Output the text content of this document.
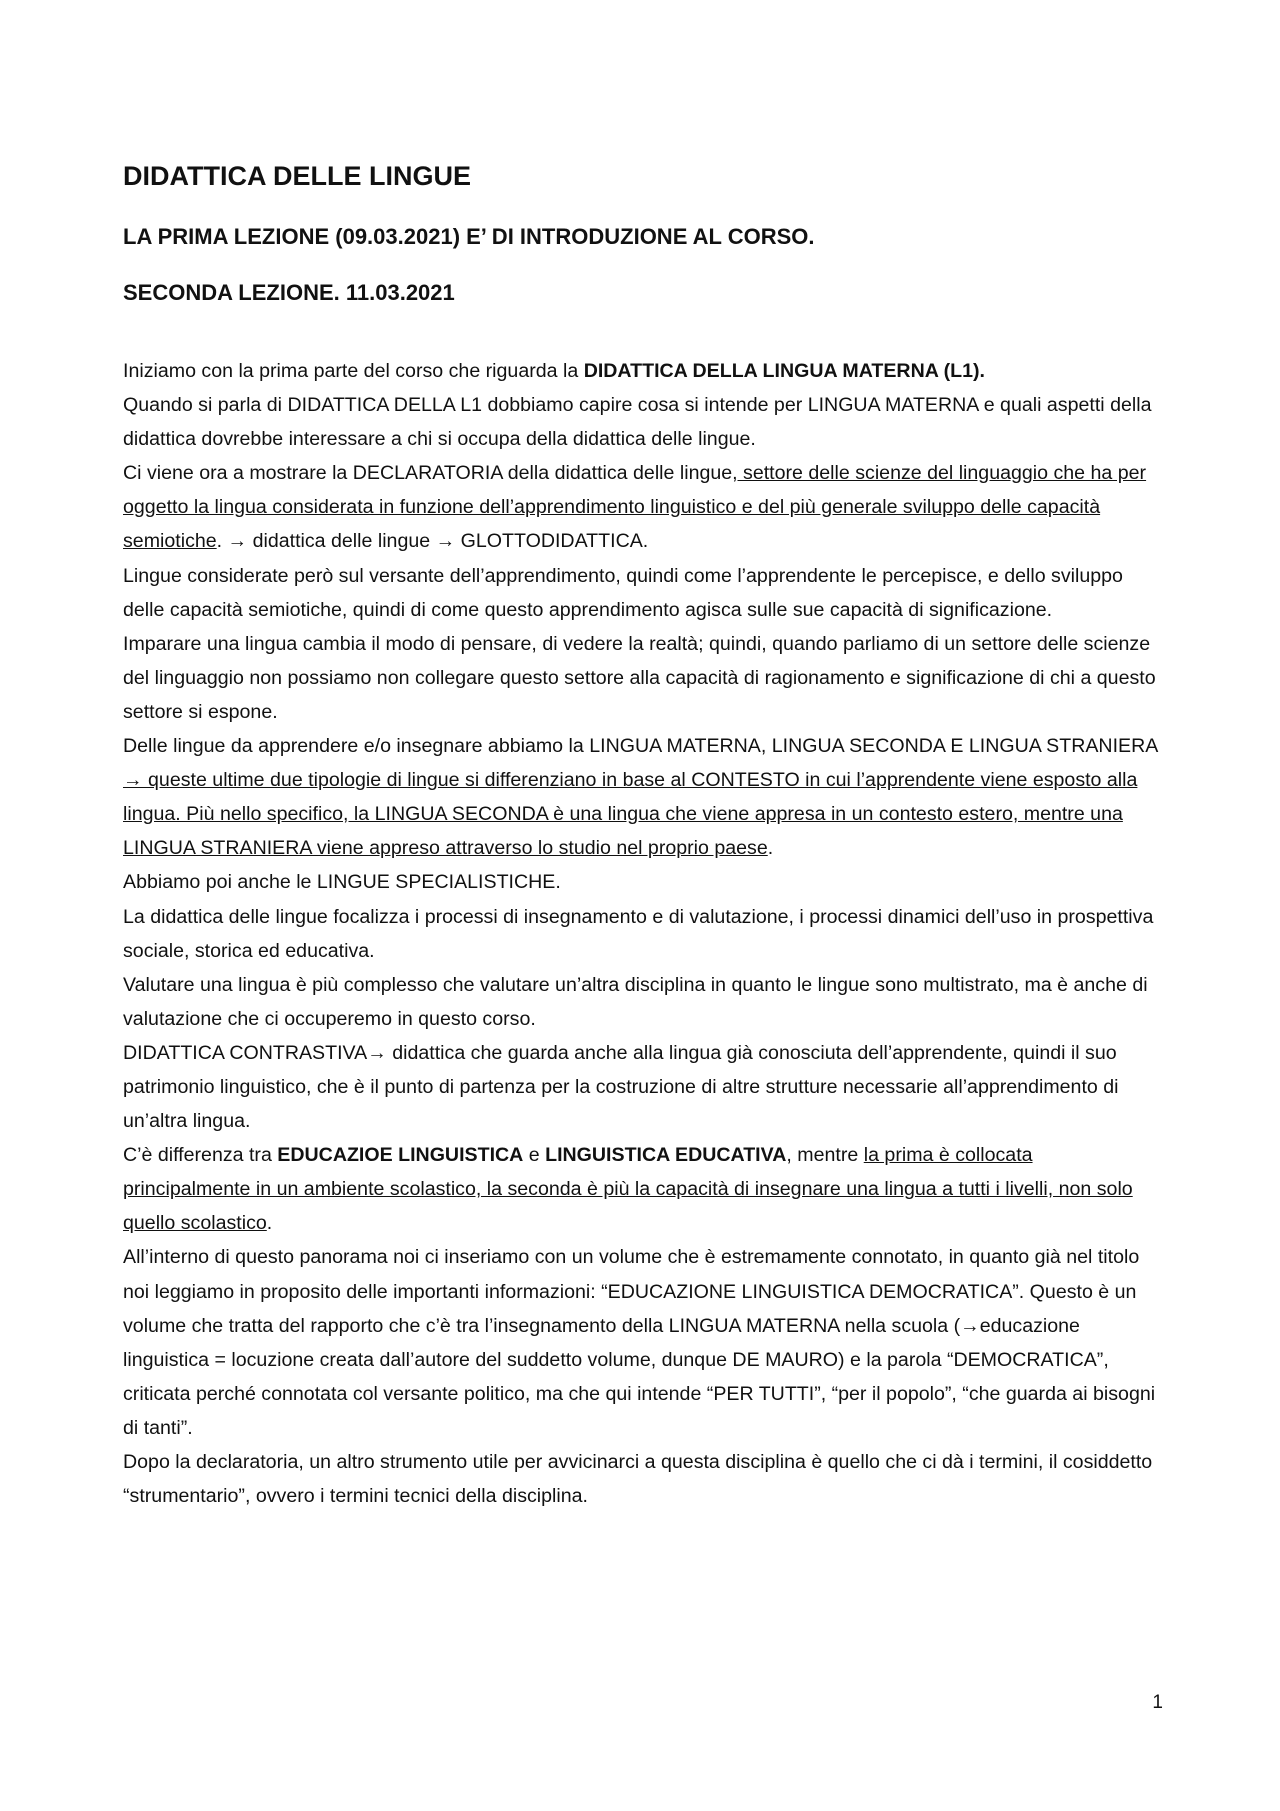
DIDATTICA DELLE LINGUE
LA PRIMA LEZIONE (09.03.2021) E’ DI INTRODUZIONE AL CORSO.
SECONDA LEZIONE. 11.03.2021

Iniziamo con la prima parte del corso che riguarda la DIDATTICA DELLA LINGUA MATERNA (L1).

Quando si parla di DIDATTICA DELLA L1 dobbiamo capire cosa si intende per LINGUA MATERNA e quali aspetti della didattica dovrebbe interessare a chi si occupa della didattica delle lingue.

Ci viene ora a mostrare la DECLARATORIA della didattica delle lingue, settore delle scienze del linguaggio che ha per oggetto la lingua considerata in funzione dell’apprendimento linguistico e del più generale sviluppo delle capacità semiotiche. → didattica delle lingue → GLOTTODIDATTICA.

Lingue considerate però sul versante dell’apprendimento, quindi come l’apprendente le percepisce, e dello sviluppo delle capacità semiotiche, quindi di come questo apprendimento agisca sulle sue capacità di significazione.

Imparare una lingua cambia il modo di pensare, di vedere la realtà; quindi, quando parliamo di un settore delle scienze del linguaggio non possiamo non collegare questo settore alla capacità di ragionamento e significazione di chi a questo settore si espone.

Delle lingue da apprendere e/o insegnare abbiamo la LINGUA MATERNA, LINGUA SECONDA E LINGUA STRANIERA → queste ultime due tipologie di lingue si differenziano in base al CONTESTO in cui l’apprendente viene esposto alla lingua. Più nello specifico, la LINGUA SECONDA è una lingua che viene appresa in un contesto estero, mentre una LINGUA STRANIERA viene appreso attraverso lo studio nel proprio paese.

Abbiamo poi anche le LINGUE SPECIALISTICHE.

La didattica delle lingue focalizza i processi di insegnamento e di valutazione, i processi dinamici dell’uso in prospettiva sociale, storica ed educativa.

Valutare una lingua è più complesso che valutare un’altra disciplina in quanto le lingue sono multistrato, ma è anche di valutazione che ci occuperemo in questo corso.

DIDATTICA CONTRASTIVA→ didattica che guarda anche alla lingua già conosciuta dell’apprendente, quindi il suo patrimonio linguistico, che è il punto di partenza per la costruzione di altre strutture necessarie all’apprendimento di un’altra lingua.

C’è differenza tra EDUCAZIOE LINGUISTICA e LINGUISTICA EDUCATIVA, mentre la prima è collocata principalmente in un ambiente scolastico, la seconda è più la capacità di insegnare una lingua a tutti i livelli, non solo quello scolastico.

All’interno di questo panorama noi ci inseriamo con un volume che è estremamente connotato, in quanto già nel titolo noi leggiamo in proposito delle importanti informazioni: “EDUCAZIONE LINGUISTICA DEMOCRATICA”. Questo è un volume che tratta del rapporto che c’è tra l’insegnamento della LINGUA MATERNA nella scuola (→educazione linguistica = locuzione creata dall’autore del suddetto volume, dunque DE MAURO) e la parola “DEMOCRATICA”, criticata perché connotata col versante politico, ma che qui intende “PER TUTTI”, “per il popolo”, “che guarda ai bisogni di tanti”.

Dopo la declaratoria, un altro strumento utile per avvicinarci a questa disciplina è quello che ci dà i termini, il cosiddetto “strumentario”, ovvero i termini tecnici della disciplina.

1
